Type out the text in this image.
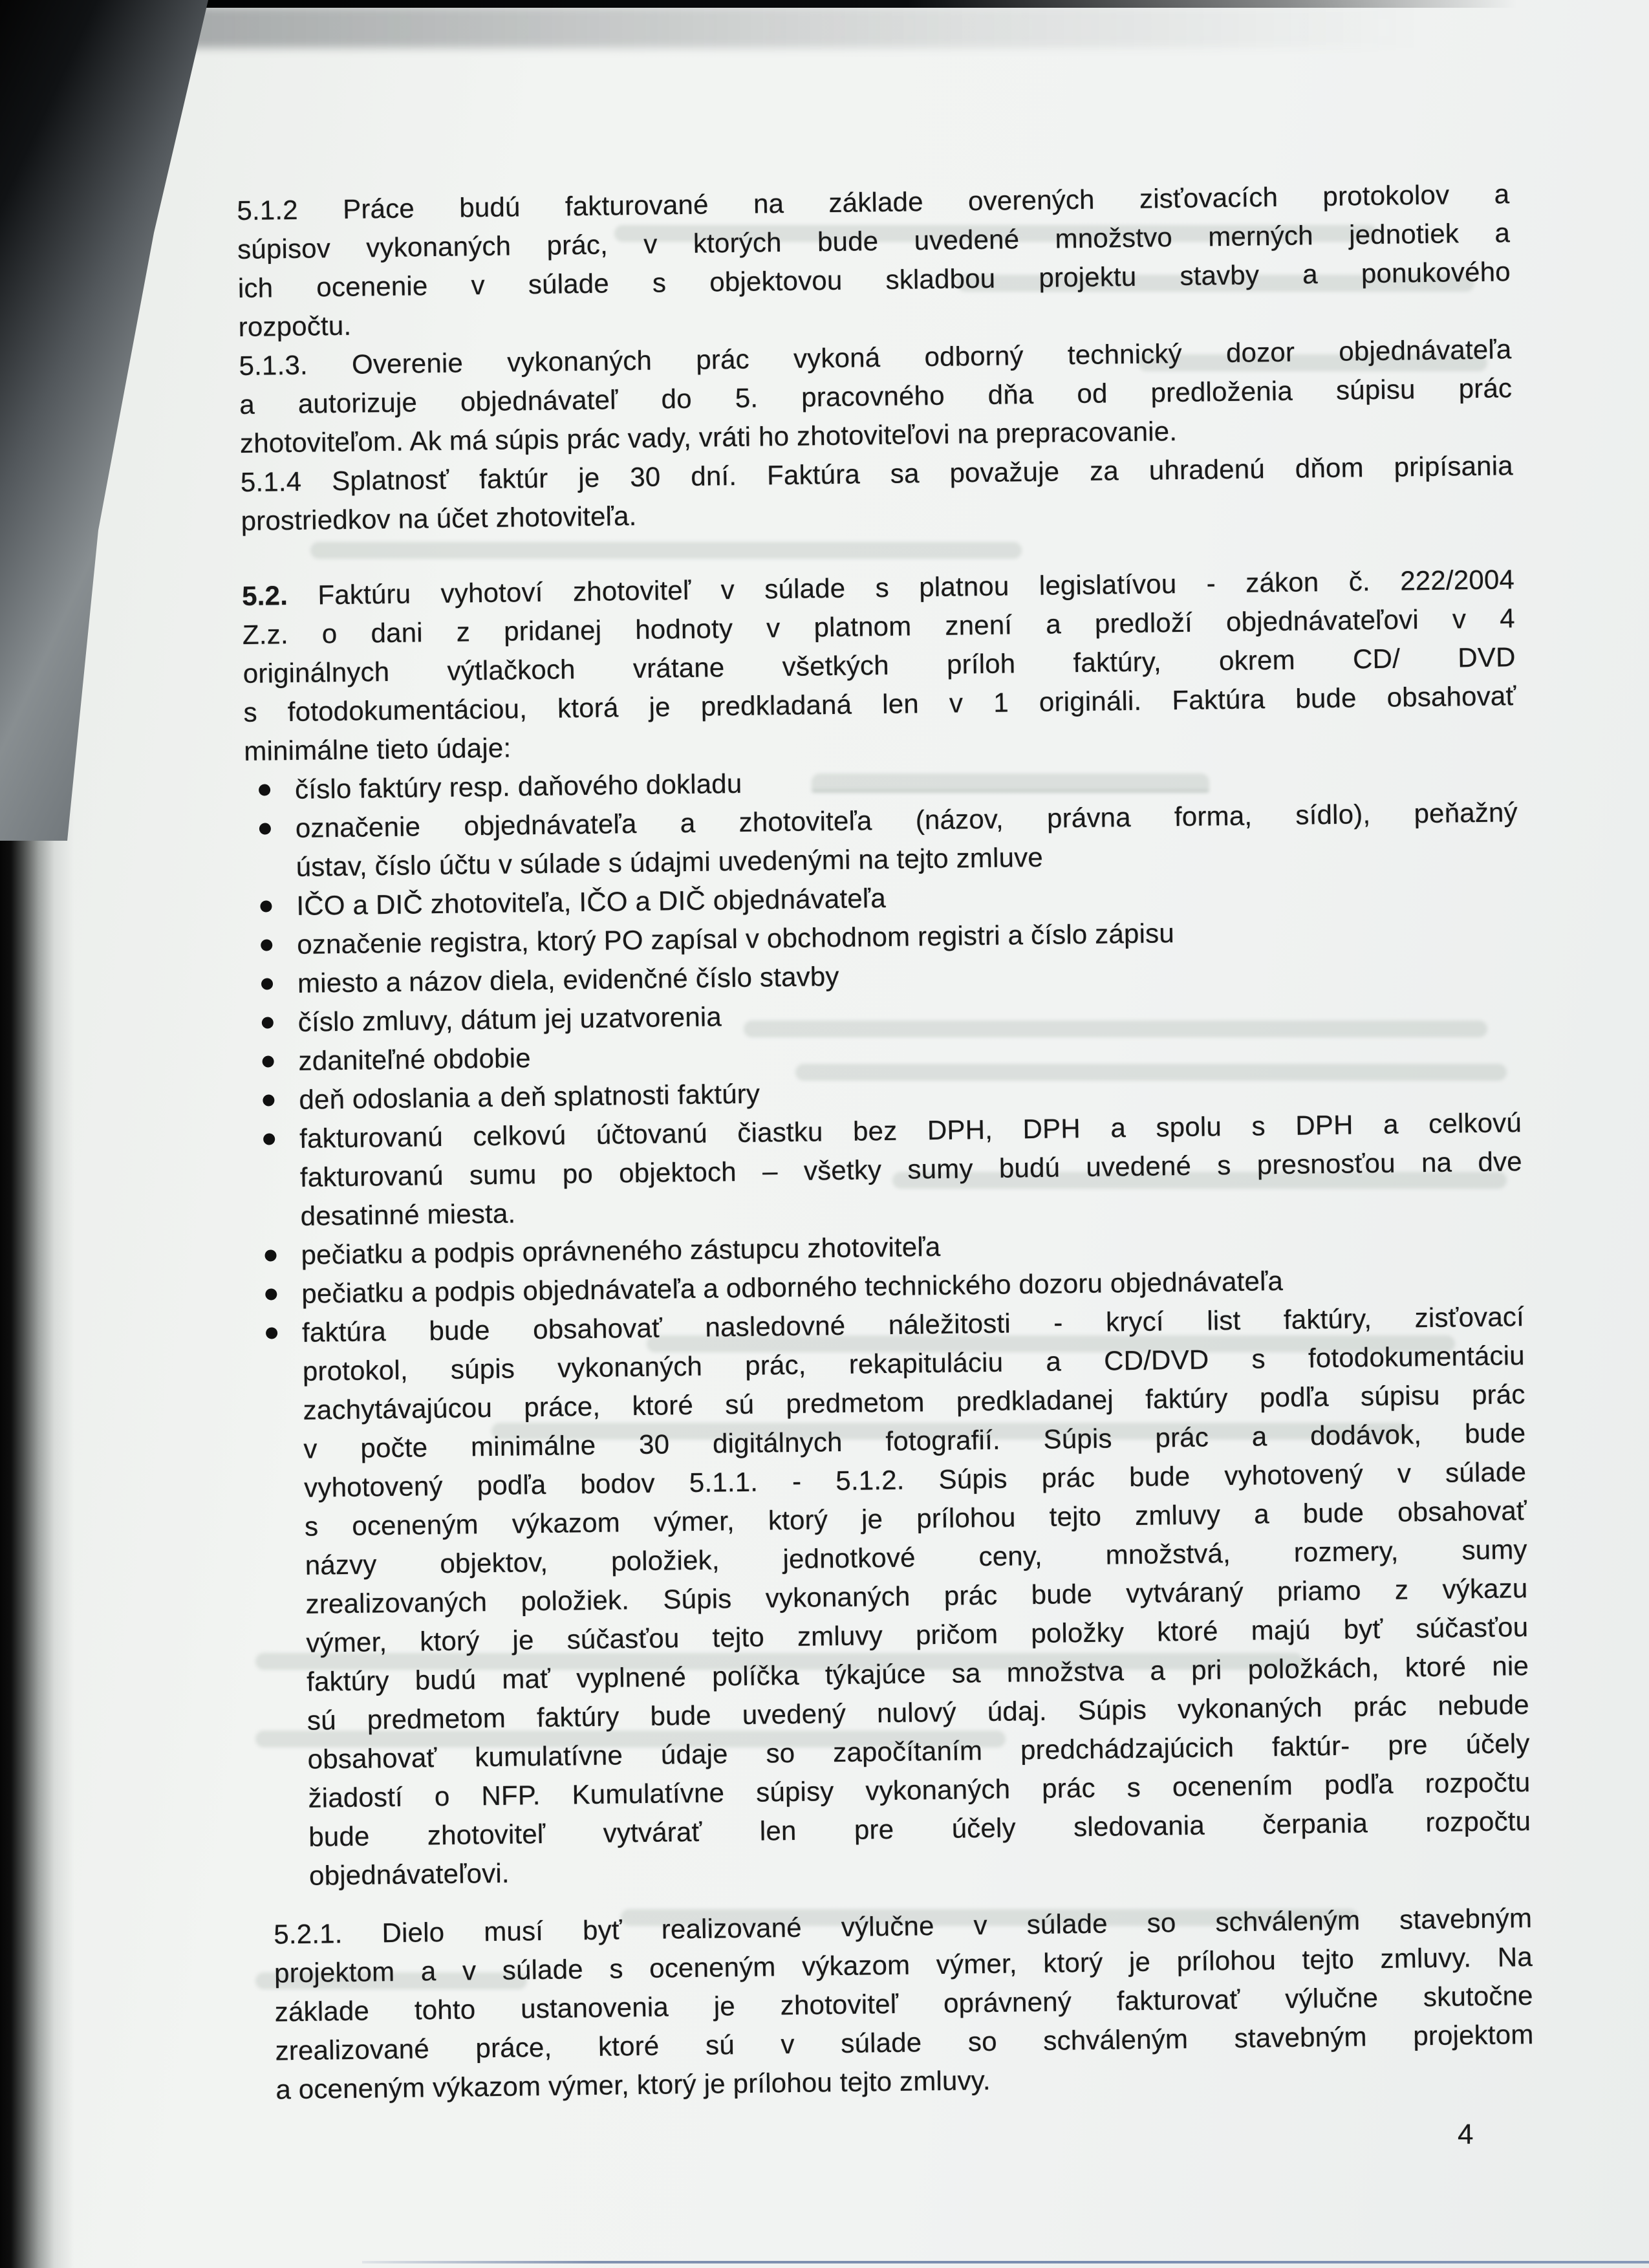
5.1.2 Práce budú fakturované na základe overených zisťovacích protokolov a
súpisov vykonaných prác, v ktorých bude uvedené množstvo merných jednotiek a
ich ocenenie v súlade s objektovou skladbou projektu stavby a ponukového
rozpočtu.
5.1.3. Overenie vykonaných prác vykoná odborný technický dozor objednávateľa
a autorizuje objednávateľ do 5. pracovného dňa od predloženia súpisu prác
zhotoviteľom. Ak má súpis prác vady, vráti ho zhotoviteľovi na prepracovanie.
5.1.4 Splatnosť faktúr je 30 dní. Faktúra sa považuje za uhradenú dňom pripísania
prostriedkov na účet zhotoviteľa.
5.2. Faktúru vyhotoví zhotoviteľ v súlade s platnou legislatívou - zákon č. 222/2004
Z.z. o dani z pridanej hodnoty v platnom znení a predloží objednávateľovi v 4
originálnych výtlačkoch vrátane všetkých príloh faktúry, okrem CD/ DVD
s fotodokumentáciou, ktorá je predkladaná len v 1 origináli. Faktúra bude obsahovať
minimálne tieto údaje:
číslo faktúry resp. daňového dokladu
označenie objednávateľa a zhotoviteľa (názov, právna forma, sídlo), peňažný
ústav, číslo účtu v súlade s údajmi uvedenými na tejto zmluve
IČO a DIČ zhotoviteľa, IČO a DIČ objednávateľa
označenie registra, ktorý PO zapísal v obchodnom registri a číslo zápisu
miesto a názov diela, evidenčné číslo stavby
číslo zmluvy, dátum jej uzatvorenia
zdaniteľné obdobie
deň odoslania a deň splatnosti faktúry
fakturovanú celkovú účtovanú čiastku bez DPH, DPH a spolu s DPH a celkovú
fakturovanú sumu po objektoch – všetky sumy budú uvedené s presnosťou na dve
desatinné miesta.
pečiatku a podpis oprávneného zástupcu zhotoviteľa
pečiatku a podpis objednávateľa a odborného technického dozoru objednávateľa
faktúra bude obsahovať nasledovné náležitosti - krycí list faktúry, zisťovací
protokol, súpis vykonaných prác, rekapituláciu a CD/DVD s fotodokumentáciu
zachytávajúcou práce, ktoré sú predmetom predkladanej faktúry podľa súpisu prác
v počte minimálne 30 digitálnych fotografií. Súpis prác a dodávok, bude
vyhotovený podľa bodov 5.1.1. - 5.1.2. Súpis prác bude vyhotovený v súlade
s oceneným výkazom výmer, ktorý je prílohou tejto zmluvy a bude obsahovať
názvy objektov, položiek, jednotkové ceny, množstvá, rozmery, sumy
zrealizovaných položiek. Súpis vykonaných prác bude vytváraný priamo z výkazu
výmer, ktorý je súčasťou tejto zmluvy pričom položky ktoré majú byť súčasťou
faktúry budú mať vyplnené políčka týkajúce sa množstva a pri položkách, ktoré nie
sú predmetom faktúry bude uvedený nulový údaj. Súpis vykonaných prác nebude
obsahovať kumulatívne údaje so započítaním predchádzajúcich faktúr- pre účely
žiadostí o NFP. Kumulatívne súpisy vykonaných prác s ocenením podľa rozpočtu
bude zhotoviteľ vytvárať len pre účely sledovania čerpania rozpočtu
objednávateľovi.
5.2.1. Dielo musí byť realizované výlučne v súlade so schváleným stavebným
projektom a v súlade s oceneným výkazom výmer, ktorý je prílohou tejto zmluvy. Na
základe tohto ustanovenia je zhotoviteľ oprávnený fakturovať výlučne skutočne
zrealizované práce, ktoré sú v súlade so schváleným stavebným projektom
a oceneným výkazom výmer, ktorý je prílohou tejto zmluvy.
4
